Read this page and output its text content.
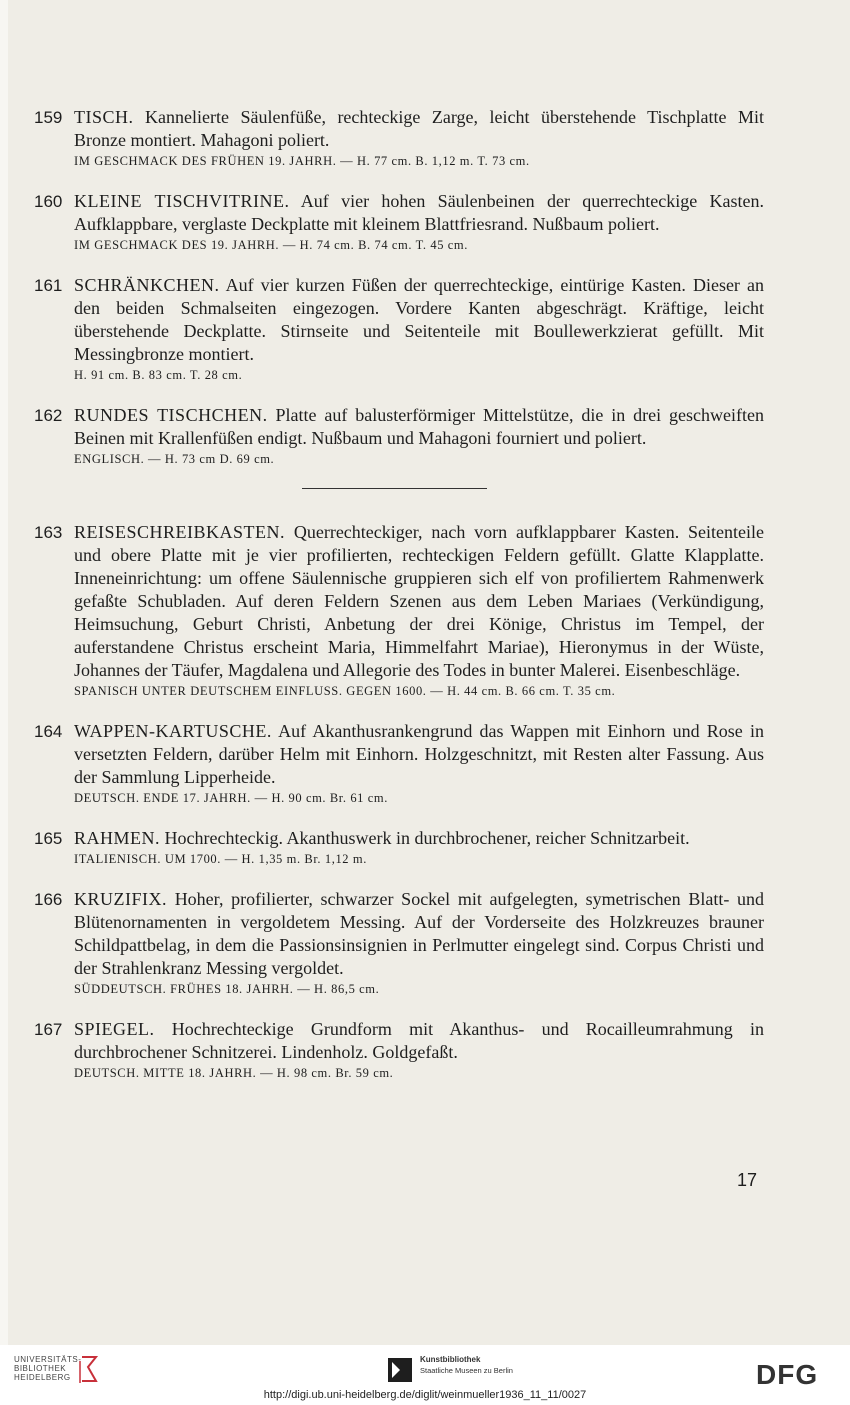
159 TISCH. Kannelierte Säulenfüße, rechteckige Zarge, leicht überstehende Tischplatte Mit Bronze montiert. Mahagoni poliert.
IM GESCHMACK DES FRÜHEN 19. JAHRH. — H. 77 cm. B. 1,12 m. T. 73 cm.
160 KLEINE TISCHVITRINE. Auf vier hohen Säulenbeinen der querrechteckige Kasten. Aufklappbare, verglaste Deckplatte mit kleinem Blattfriesrand. Nußbaum poliert.
IM GESCHMACK DES 19. JAHRH. — H. 74 cm. B. 74 cm. T. 45 cm.
161 SCHRÄNKCHEN. Auf vier kurzen Füßen der querrechteckige, eintürige Kasten. Dieser an den beiden Schmalseiten eingezogen. Vordere Kanten abgeschrägt. Kräftige, leicht überstehende Deckplatte. Stirnseite und Seitenteile mit Boullewerkzierat gefüllt. Mit Messingbronze montiert.
H. 91 cm. B. 83 cm. T. 28 cm.
162 RUNDES TISCHCHEN. Platte auf balusterförmiger Mittelstütze, die in drei geschweiften Beinen mit Krallenfüßen endigt. Nußbaum und Mahagoni fourniert und poliert.
ENGLISCH. — H. 73 cm D. 69 cm.
163 REISESCHREIBKASTEN. Querrechteckiger, nach vorn aufklappbarer Kasten. Seitenteile und obere Platte mit je vier profilierten, rechteckigen Feldern gefüllt. Glatte Klapplatte. Inneneinrichtung: um offene Säulennische gruppieren sich elf von profiliertem Rahmenwerk gefaßte Schubladen. Auf deren Feldern Szenen aus dem Leben Mariaes (Verkündigung, Heimsuchung, Geburt Christi, Anbetung der drei Könige, Christus im Tempel, der auferstandene Christus erscheint Maria, Himmelfahrt Mariae), Hieronymus in der Wüste, Johannes der Täufer, Magdalena und Allegorie des Todes in bunter Malerei. Eisenbeschläge.
SPANISCH UNTER DEUTSCHEM EINFLUSS. GEGEN 1600. — H. 44 cm. B. 66 cm. T. 35 cm.
164 WAPPEN-KARTUSCHE. Auf Akanthusrankengrund das Wappen mit Einhorn und Rose in versetzten Feldern, darüber Helm mit Einhorn. Holzgeschnitzt, mit Resten alter Fassung. Aus der Sammlung Lipperheide.
DEUTSCH. ENDE 17. JAHRH. — H. 90 cm. Br. 61 cm.
165 RAHMEN. Hochrechteckig. Akanthuswerk in durchbrochener, reicher Schnitzarbeit.
ITALIENISCH. UM 1700. — H. 1,35 m. Br. 1,12 m.
166 KRUZIFIX. Hoher, profilierter, schwarzer Sockel mit aufgelegten, symetrischen Blatt- und Blütenornamenten in vergoldetem Messing. Auf der Vorderseite des Holzkreuzes brauner Schildpattbelag, in dem die Passionsinsignien in Perlmutter eingelegt sind. Corpus Christi und der Strahlenkranz Messing vergoldet.
SÜDDEUTSCH. FRÜHES 18. JAHRH. — H. 86,5 cm.
167 SPIEGEL. Hochrechteckige Grundform mit Akanthus- und Rocailleumrahmung in durchbrochener Schnitzerei. Lindenholz. Goldgefaßt.
DEUTSCH. MITTE 18. JAHRH. — H. 98 cm. Br. 59 cm.
17
UNIVERSITÄTS-
BIBLIOTHEK
HEIDELBERG
Kunstbibliothek
Staatliche Museen zu Berlin	DFG
http://digi.ub.uni-heidelberg.de/diglit/weinmueller1936_11_11/0027
